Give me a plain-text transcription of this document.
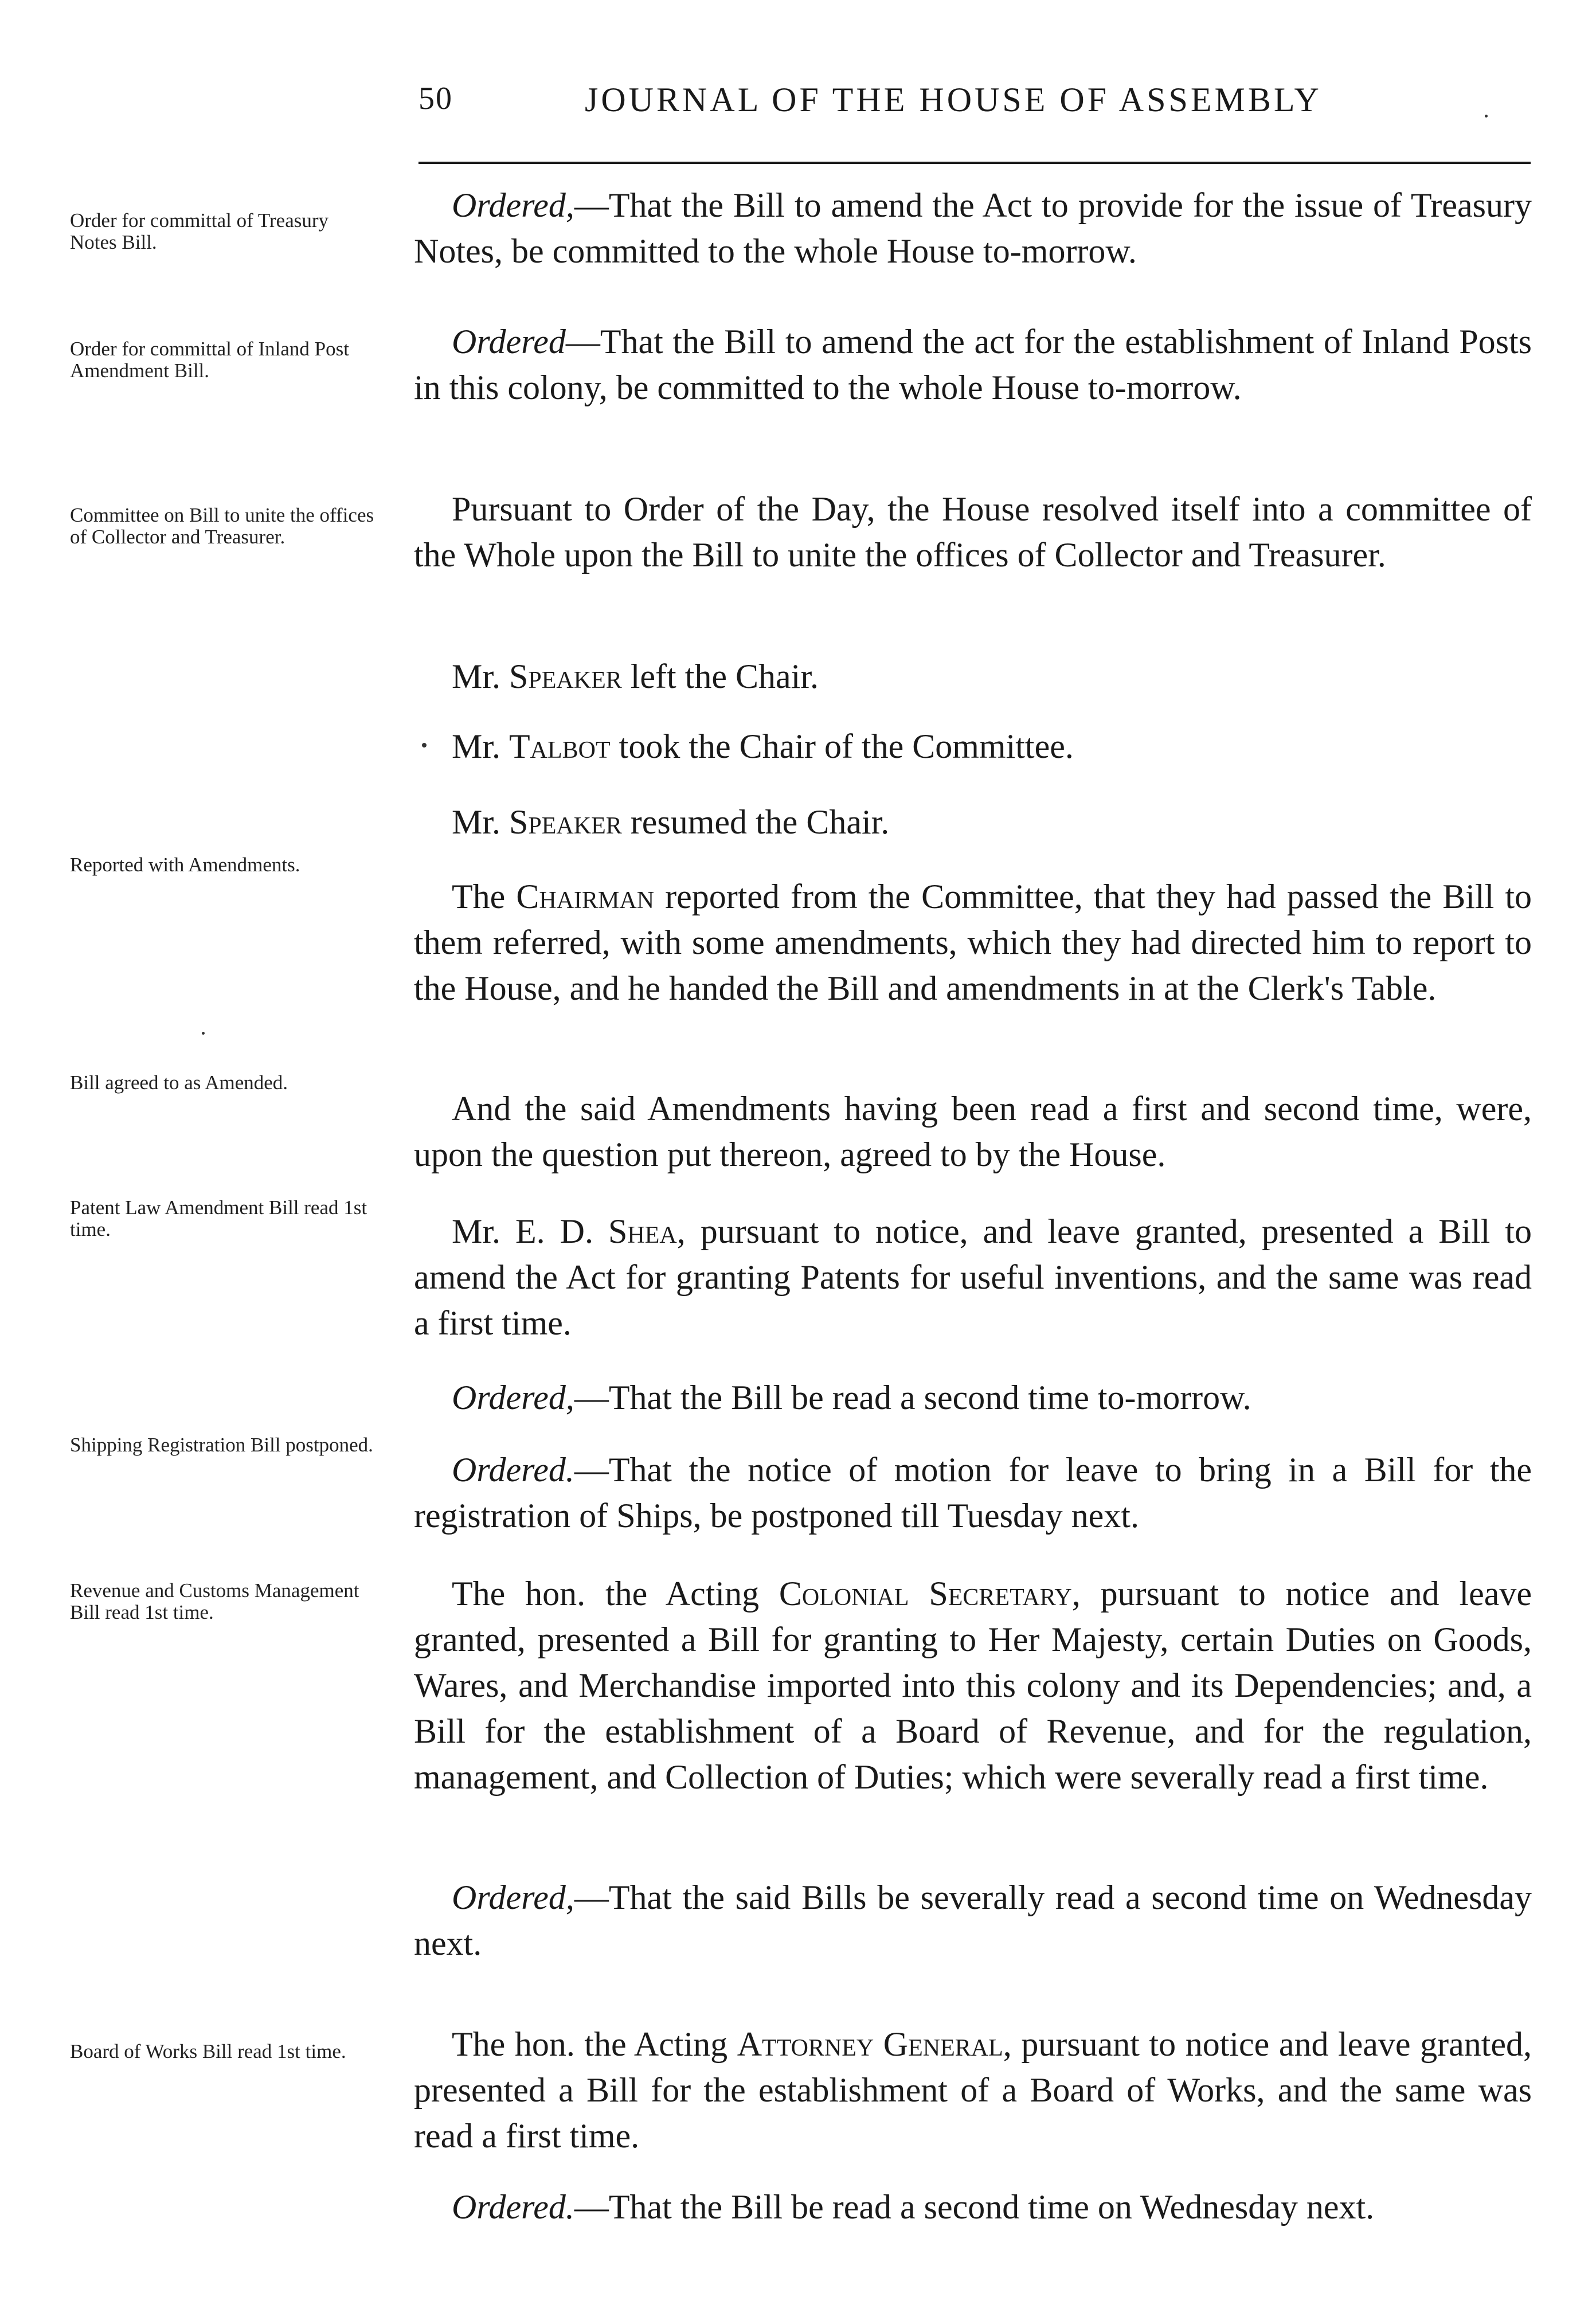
50	JOURNAL OF THE HOUSE OF ASSEMBLY
Order for committal of Treasury Notes Bill.
Order for committal of Inland Post Amendment Bill.
Committee on Bill to unite the offices of Collector and Treasurer.
Reported with Amendments.
Bill agreed to as Amended.
Patent Law Amendment Bill read 1st time.
Shipping Registration Bill postponed.
Revenue and Customs Management Bill read 1st time.
Board of Works Bill read 1st time.

Ordered,—That the Bill to amend the Act to provide for the issue of Treasury Notes, be committed to the whole House to-morrow.

Ordered—That the Bill to amend the act for the establishment of Inland Posts in this colony, be committed to the whole House to-morrow.

Pursuant to Order of the Day, the House resolved itself into a committee of the Whole upon the Bill to unite the offices of Collector and Treasurer.

Mr. Speaker left the Chair.

Mr. Talbot took the Chair of the Committee.

Mr. Speaker resumed the Chair.

The Chairman reported from the Committee, that they had passed the Bill to them referred, with some amendments, which they had directed him to report to the House, and he handed the Bill and amendments in at the Clerk's Table.

And the said Amendments having been read a first and second time, were, upon the question put thereon, agreed to by the House.

Mr. E. D. Shea, pursuant to notice, and leave granted, presented a Bill to amend the Act for granting Patents for useful inventions, and the same was read a first time.

Ordered,—That the Bill be read a second time to-morrow.

Ordered.—That the notice of motion for leave to bring in a Bill for the registration of Ships, be postponed till Tuesday next.

The hon. the Acting Colonial Secretary, pursuant to notice and leave granted, presented a Bill for granting to Her Majesty, certain Duties on Goods, Wares, and Merchandise imported into this colony and its Dependencies; and, a Bill for the establishment of a Board of Revenue, and for the regulation, management, and Collection of Duties; which were severally read a first time.

Ordered,—That the said Bills be severally read a second time on Wednesday next.

The hon. the Acting Attorney General, pursuant to notice and leave granted, presented a Bill for the establishment of a Board of Works, and the same was read a first time.

Ordered.—That the Bill be read a second time on Wednesday next.
